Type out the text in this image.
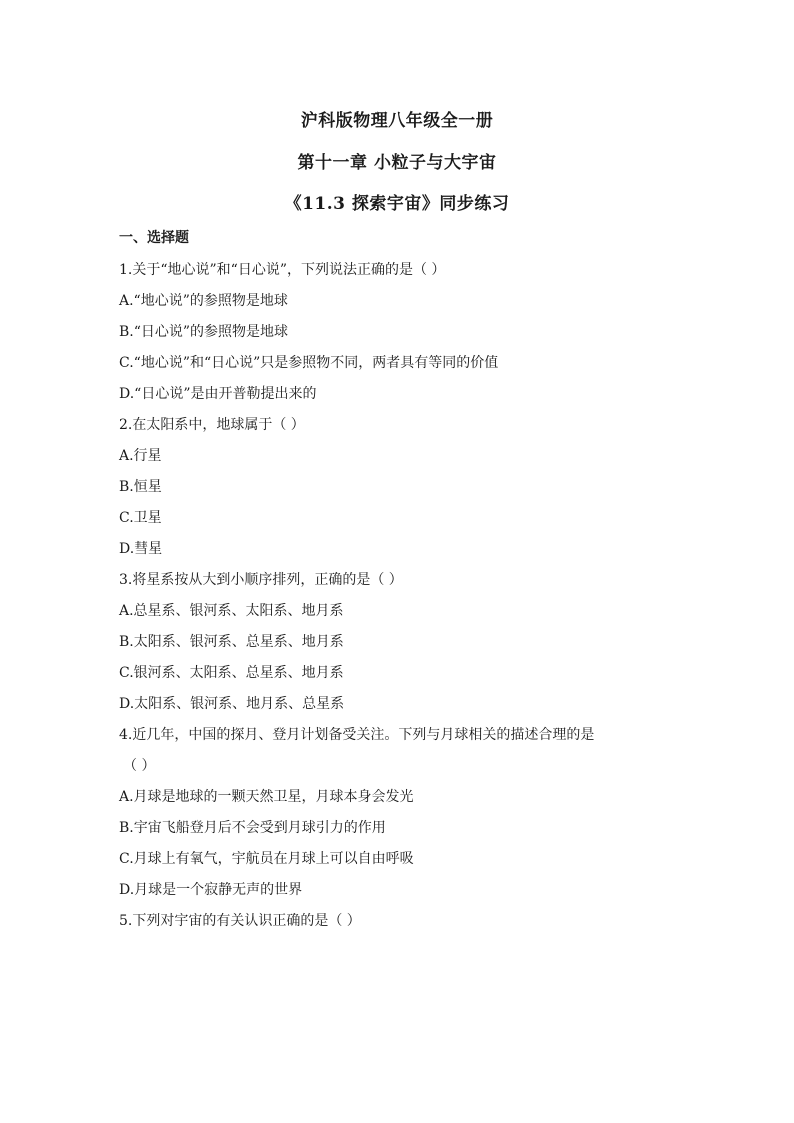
沪科版物理八年级全一册
第十一章 小粒子与大宇宙
《11.3 探索宇宙》同步练习
一、选择题
1.关于“地心说”和“日心说”，下列说法正确的是（ ）
A.“地心说”的参照物是地球
B.“日心说”的参照物是地球
C.“地心说”和“日心说”只是参照物不同，两者具有等同的价值
D.“日心说”是由开普勒提出来的
2.在太阳系中，地球属于（ ）
A.行星
B.恒星
C.卫星
D.彗星
3.将星系按从大到小顺序排列，正确的是（ ）
A.总星系、银河系、太阳系、地月系
B.太阳系、银河系、总星系、地月系
C.银河系、太阳系、总星系、地月系
D.太阳系、银河系、地月系、总星系
4.近几年，中国的探月、登月计划备受关注。下列与月球相关的描述合理的是
（ ）
A.月球是地球的一颗天然卫星，月球本身会发光
B.宇宙飞船登月后不会受到月球引力的作用
C.月球上有氧气，宇航员在月球上可以自由呼吸
D.月球是一个寂静无声的世界
5.下列对宇宙的有关认识正确的是（ ）
